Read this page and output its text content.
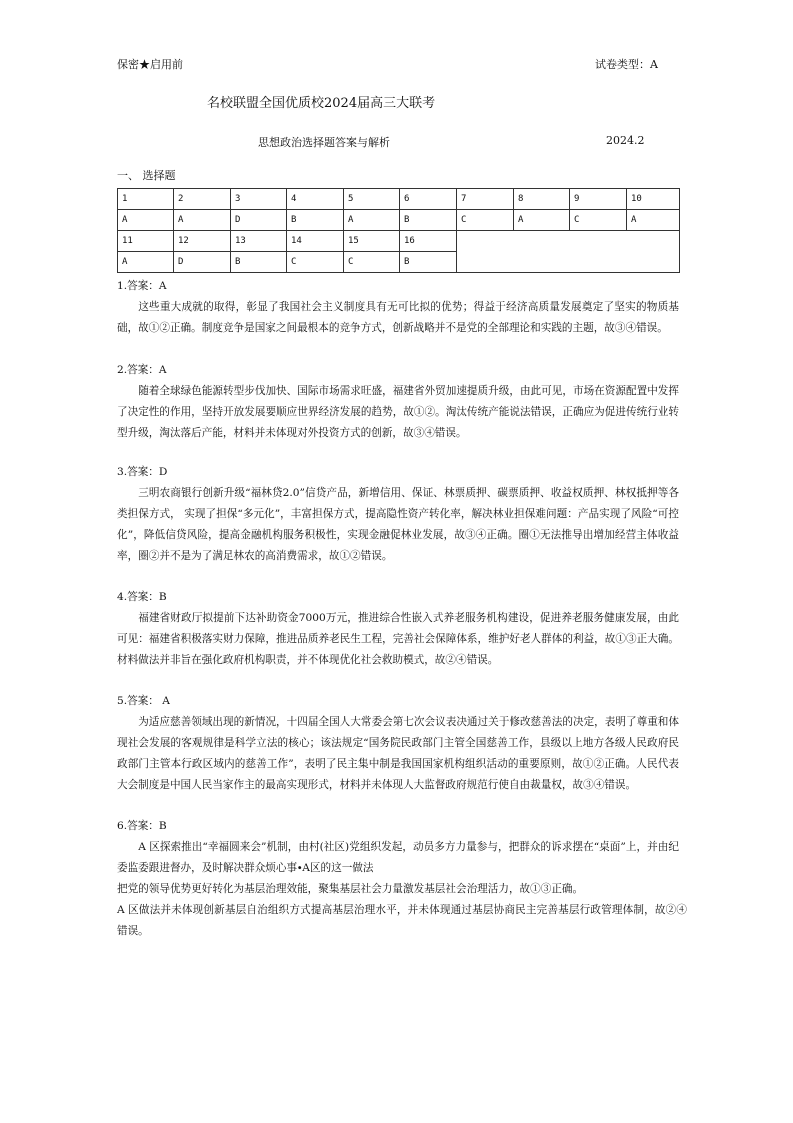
保密★启用前	试卷类型：A
名校联盟全国优质校2024届高三大联考
思想政治选择题答案与解析	2024.2
一、 选择题
1	2	3	4	5	6	7	8	9	10
A	A	D	B	A	B	C	A	C	A
11	12	13	14	15	16				
A	D	B	C	C	B				
1.答案：A

这些重大成就的取得，彰显了我国社会主义制度具有无可比拟的优势；得益于经济高质量发展奠定了坚实的物质基础，故①②正确。制度竞争是国家之间最根本的竞争方式，创新战略并不是党的全部理论和实践的主题，故③④错误。

2.答案：A

随着全球绿色能源转型步伐加快、国际市场需求旺盛，福建省外贸加速提质升级，由此可见，市场在资源配置中发挥了决定性的作用，坚持开放发展要顺应世界经济发展的趋势，故①②。淘汰传统产能说法错误，正确应为促进传统行业转型升级，淘汰落后产能，材料并未体现对外投资方式的创新，故③④错误。

3.答案：D

三明农商银行创新升级“福林贷2.0”信贷产品，新增信用、保证、林票质押、碳票质押、收益权质押、林权抵押等各类担保方式， 实现了担保“多元化”，丰富担保方式，提高隐性资产转化率，解决林业担保难问题：产品实现了风险“可控化”，降低信贷风险，提高金融机构服务积极性，实现金融促林业发展，故③④正确。圈①无法推导出增加经营主体收益率，圈②并不是为了满足林农的高消费需求，故①②错误。

4.答案：B

福建省财政厅拟提前下达补助资金7000万元，推进综合性嵌入式养老服务机构建设，促进养老服务健康发展，由此可见：福建省积极落实财力保障，推进品质养老民生工程，完善社会保障体系，维护好老人群体的利益，故①③正大确。材料做法并非旨在强化政府机构职责，并不体现优化社会救助模式，故②④错误。

5.答案： A

为适应慈善领域出现的新情况，十四届全国人大常委会第七次会议表决通过关于修改慈善法的决定，表明了尊重和体现社会发展的客观规律是科学立法的核心；该法规定“国务院民政部门主管全国慈善工作，县级以上地方各级人民政府民政部门主管本行政区域内的慈善工作”，表明了民主集中制是我国国家机构组织活动的重要原则，故①②正确。人民代表大会制度是中国人民当家作主的最高实现形式，材料并未体现人大监督政府规范行使自由裁量权，故③④错误。

6.答案：B

A 区探索推出“幸福圆来会”机制，由村(社区)党组织发起，动员多方力量参与，把群众的诉求摆在“桌面”上，并由纪委监委跟进督办，及时解决群众烦心事∙A区的这一做法

把党的领导优势更好转化为基层治理效能，聚集基层社会力量激发基层社会治理活力，故①③正确。

A 区做法并未体现创新基层自治组织方式提高基层治理水平，并未体现通过基层协商民主完善基层行政管理体制，故②④错误。
